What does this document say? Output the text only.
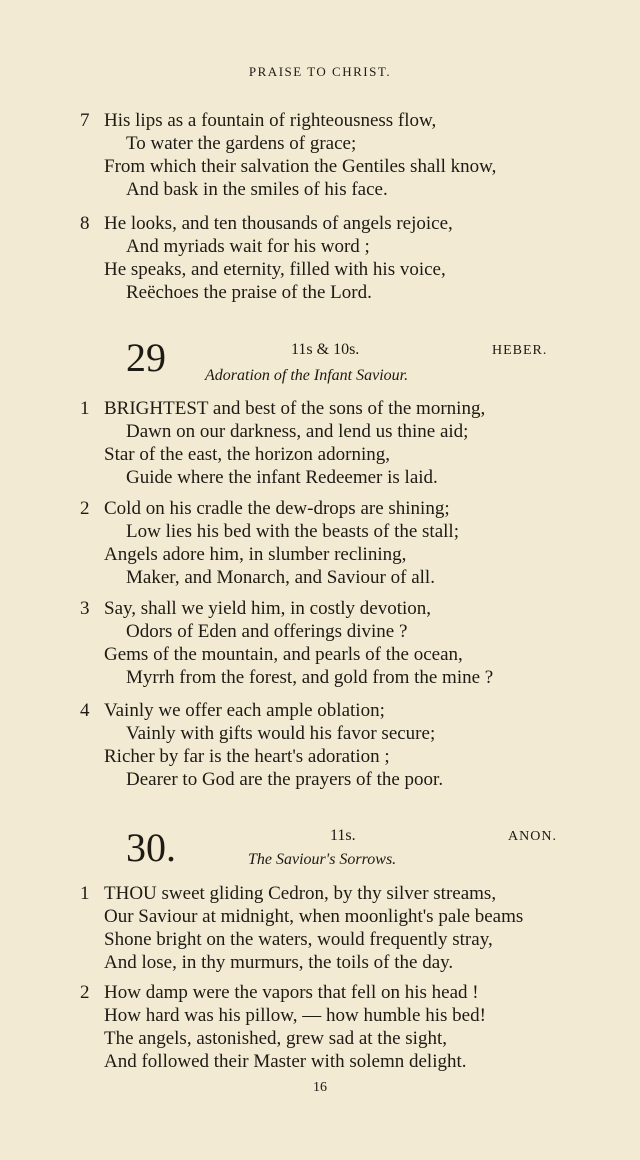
PRAISE TO CHRIST.
7 His lips as a fountain of righteousness flow,
To water the gardens of grace;
From which their salvation the Gentiles shall know,
And bask in the smiles of his face.
8 He looks, and ten thousands of angels rejoice,
And myriads wait for his word ;
He speaks, and eternity, filled with his voice,
Reëchoes the praise of the Lord.
29	11s & 10s.	HEBER.
Adoration of the Infant Saviour.
1 BRIGHTEST and best of the sons of the morning,
Dawn on our darkness, and lend us thine aid;
Star of the east, the horizon adorning,
Guide where the infant Redeemer is laid.
2 Cold on his cradle the dew-drops are shining;
Low lies his bed with the beasts of the stall;
Angels adore him, in slumber reclining,
Maker, and Monarch, and Saviour of all.
3 Say, shall we yield him, in costly devotion,
Odors of Eden and offerings divine ?
Gems of the mountain, and pearls of the ocean,
Myrrh from the forest, and gold from the mine ?
4 Vainly we offer each ample oblation;
Vainly with gifts would his favor secure;
Richer by far is the heart's adoration ;
Dearer to God are the prayers of the poor.
30.	11s.	ANON.
The Saviour's Sorrows.
1 THOU sweet gliding Cedron, by thy silver streams,
Our Saviour at midnight, when moonlight's pale beams
Shone bright on the waters, would frequently stray,
And lose, in thy murmurs, the toils of the day.
2 How damp were the vapors that fell on his head !
How hard was his pillow, — how humble his bed!
The angels, astonished, grew sad at the sight,
And followed their Master with solemn delight.
16
